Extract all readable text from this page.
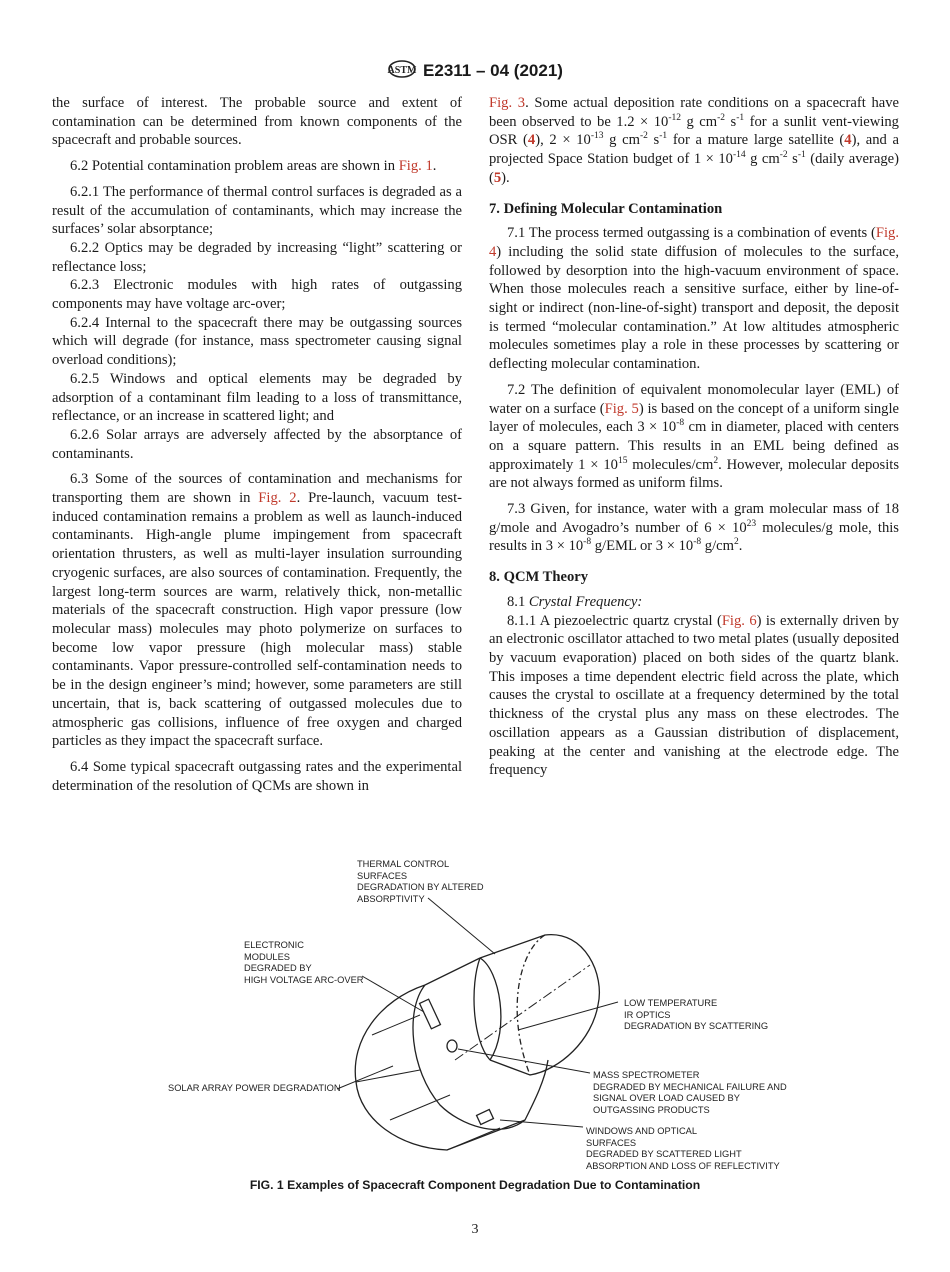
ASTM E2311 – 04 (2021)

the surface of interest. The probable source and extent of contamination can be determined from known components of the spacecraft and probable sources.

6.2 Potential contamination problem areas are shown in Fig. 1.

6.2.1 The performance of thermal control surfaces is degraded as a result of the accumulation of contaminants, which may increase the surfaces’ solar absorptance;

6.2.2 Optics may be degraded by increasing “light” scattering or reflectance loss;

6.2.3 Electronic modules with high rates of outgassing components may have voltage arc-over;

6.2.4 Internal to the spacecraft there may be outgassing sources which will degrade (for instance, mass spectrometer causing signal overload conditions);

6.2.5 Windows and optical elements may be degraded by adsorption of a contaminant film leading to a loss of transmittance, reflectance, or an increase in scattered light; and

6.2.6 Solar arrays are adversely affected by the absorptance of contaminants.

6.3 Some of the sources of contamination and mechanisms for transporting them are shown in Fig. 2. Pre-launch, vacuum test-induced contamination remains a problem as well as launch-induced contaminants. High-angle plume impingement from spacecraft orientation thrusters, as well as multi-layer insulation surrounding cryogenic surfaces, are also sources of contamination. Frequently, the largest long-term sources are warm, relatively thick, non-metallic materials of the spacecraft construction. High vapor pressure (low molecular mass) molecules may photo polymerize on surfaces to become low vapor pressure (high molecular mass) stable contaminants. Vapor pressure-controlled self-contamination needs to be in the design engineer’s mind; however, some parameters are still uncertain, that is, back scattering of outgassed molecules due to atmospheric gas collisions, influence of free oxygen and charged particles as they impact the spacecraft surface.

6.4 Some typical spacecraft outgassing rates and the experimental determination of the resolution of QCMs are shown in

Fig. 3. Some actual deposition rate conditions on a spacecraft have been observed to be $1.2 \times 10^{-12}$ g $cm^{-2}$ $s^{-1}$ for a sunlit vent-viewing OSR (4), $2 \times 10^{-13}$ g $cm^{-2}$ $s^{-1}$ for a mature large satellite (4), and a projected Space Station budget of $1 \times 10^{-14}$ g $cm^{-2}$ $s^{-1}$ (daily average) (5).

7. Defining Molecular Contamination

7.1 The process termed outgassing is a combination of events (Fig. 4) including the solid state diffusion of molecules to the surface, followed by desorption into the high-vacuum environment of space. When those molecules reach a sensitive surface, either by line-of-sight or indirect (non-line-of-sight) transport and deposit, the deposit is termed “molecular contamination.” At low altitudes atmospheric molecules sometimes play a role in these processes by scattering or deflecting molecular contamination.

7.2 The definition of equivalent monomolecular layer (EML) of water on a surface (Fig. 5) is based on the concept of a uniform single layer of molecules, each $3 \times 10^{-8}$ cm in diameter, placed with centers on a square pattern. This results in an EML being defined as approximately $1 \times 10^{15}$ molecules/$cm^2$. However, molecular deposits are not always formed as uniform films.

7.3 Given, for instance, water with a gram molecular mass of 18 g/mole and Avogadro’s number of $6 \times 10^{23}$ molecules/g mole, this results in $3 \times 10^{-8}$ g/EML or $3 \times 10^{-8}$ $g/cm^2$.

8. QCM Theory

8.1 Crystal Frequency:

8.1.1 A piezoelectric quartz crystal (Fig. 6) is externally driven by an electronic oscillator attached to two metal plates (usually deposited by vacuum evaporation) placed on both sides of the quartz blank. This imposes a time dependent electric field across the plate, which causes the crystal to oscillate at a frequency determined by the total thickness of the crystal plus any mass on these electrodes. The oscillation appears as a Gaussian distribution of displacement, peaking at the center and vanishing at the electrode edge. The frequency

THERMAL CONTROL
SURFACES
DEGRADATION BY ALTERED
ABSORPTIVITY
ELECTRONIC
MODULES
DEGRADED BY
HIGH VOLTAGE ARC-OVER
LOW TEMPERATURE
IR OPTICS
DEGRADATION BY SCATTERING
SOLAR ARRAY POWER DEGRADATION
MASS SPECTROMETER
DEGRADED BY MECHANICAL FAILURE AND
SIGNAL OVER LOAD CAUSED BY
OUTGASSING PRODUCTS
WINDOWS AND OPTICAL
SURFACES
DEGRADED BY SCATTERED LIGHT
ABSORPTION AND LOSS OF REFLECTIVITY
FIG. 1 Examples of Spacecraft Component Degradation Due to Contamination
3
